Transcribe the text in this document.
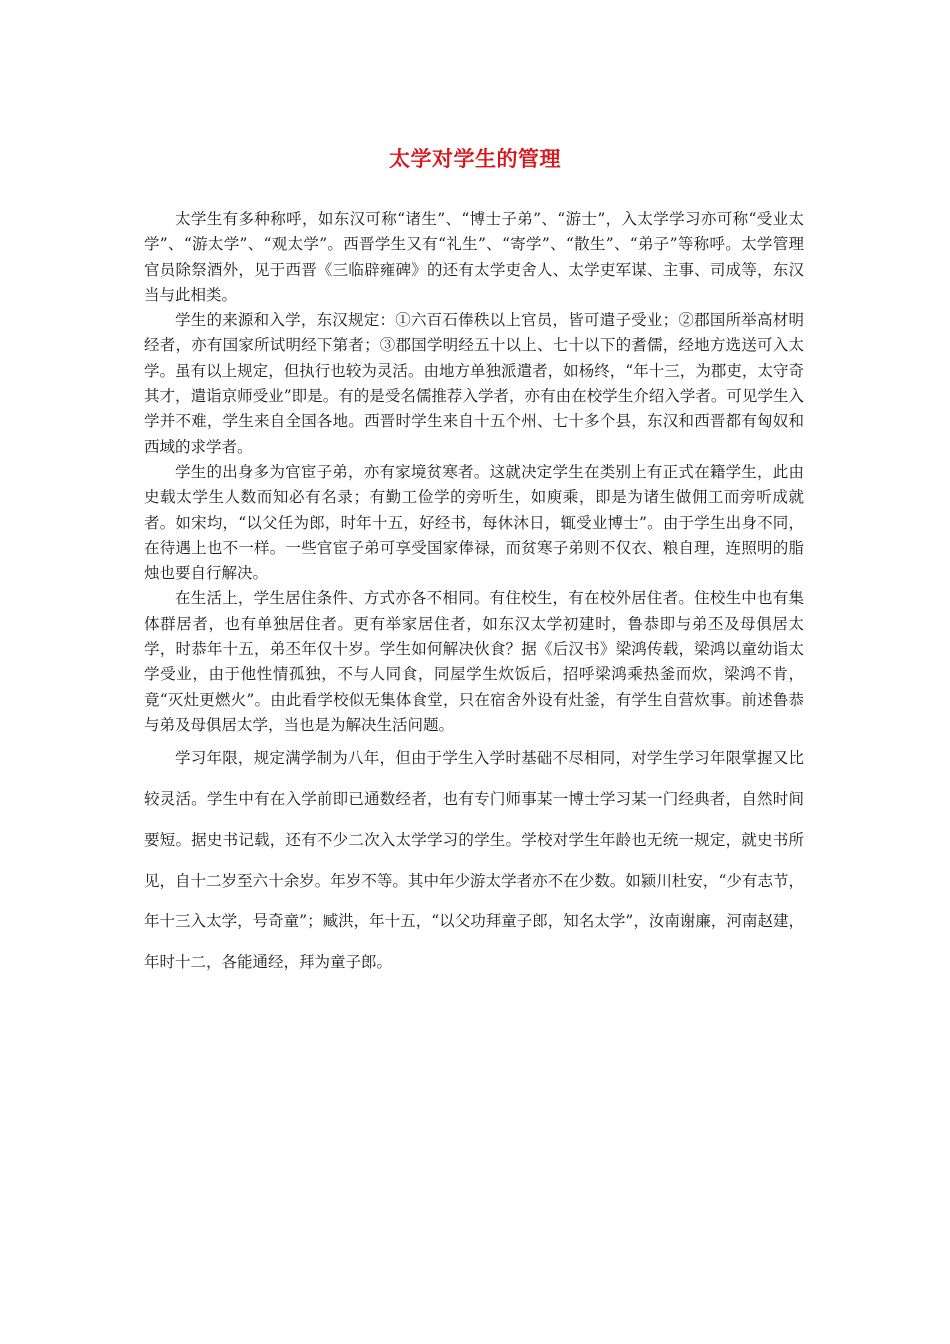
太学对学生的管理

太学生有多种称呼，如东汉可称“诸生”、“博士子弟”、“游士”，入太学学习亦可称“受业太学”、“游太学”、“观太学”。西晋学生又有“礼生”、“寄学”、“散生”、“弟子”等称呼。太学管理官员除祭酒外，见于西晋《三临辟雍碑》的还有太学吏舍人、太学吏军谋、主事、司成等，东汉当与此相类。

学生的来源和入学，东汉规定：①六百石俸秩以上官员，皆可遣子受业；②郡国所举高材明经者，亦有国家所试明经下第者；③郡国学明经五十以上、七十以下的耆儒，经地方选送可入太学。虽有以上规定，但执行也较为灵活。由地方单独派遣者，如杨终，“年十三，为郡吏，太守奇其才，遣诣京师受业”即是。有的是受名儒推荐入学者，亦有由在校学生介绍入学者。可见学生入学并不难，学生来自全国各地。西晋时学生来自十五个州、七十多个县，东汉和西晋都有匈奴和西域的求学者。

学生的出身多为官宦子弟，亦有家境贫寒者。这就决定学生在类别上有正式在籍学生，此由史载太学生人数而知必有名录；有勤工俭学的旁听生，如庾乘，即是为诸生做佣工而旁听成就者。如宋均，“以父任为郎，时年十五，好经书，每休沐日，辄受业博士”。由于学生出身不同，在待遇上也不一样。一些官宦子弟可享受国家俸禄，而贫寒子弟则不仅衣、粮自理，连照明的脂烛也要自行解决。

在生活上，学生居住条件、方式亦各不相同。有住校生，有在校外居住者。住校生中也有集体群居者，也有单独居住者。更有举家居住者，如东汉太学初建时，鲁恭即与弟丕及母俱居太学，时恭年十五，弟丕年仅十岁。学生如何解决伙食？据《后汉书》梁鸿传载，梁鸿以童幼诣太学受业，由于他性情孤独，不与人同食，同屋学生炊饭后，招呼梁鸿乘热釜而炊，梁鸿不肯，竟“灭灶更燃火”。由此看学校似无集体食堂，只在宿舍外设有灶釜，有学生自营炊事。前述鲁恭与弟及母俱居太学，当也是为解决生活问题。

学习年限，规定满学制为八年，但由于学生入学时基础不尽相同，对学生学习年限掌握又比较灵活。学生中有在入学前即已通数经者，也有专门师事某一博士学习某一门经典者，自然时间要短。据史书记载，还有不少二次入太学学习的学生。学校对学生年龄也无统一规定，就史书所见，自十二岁至六十余岁。年岁不等。其中年少游太学者亦不在少数。如颍川杜安，“少有志节，年十三入太学，号奇童”；臧洪，年十五，“以父功拜童子郎，知名太学”，汝南谢廉，河南赵建，年时十二，各能通经，拜为童子郎。
